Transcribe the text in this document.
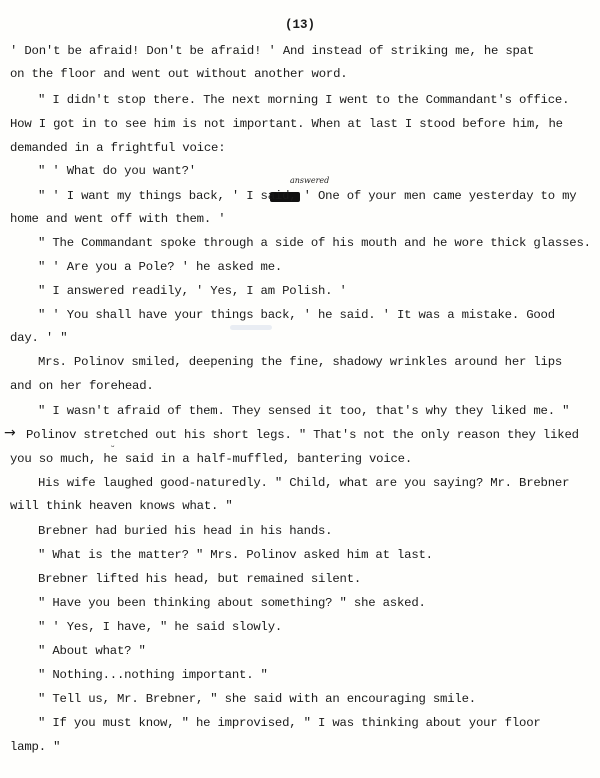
(13)
' Don't be afraid! Don't be afraid! ' And instead of striking me, he spat
on the floor and went out without another word.
" I didn't stop there. The next morning I went to the Commandant's office.
How I got in to see him is not important. When at last I stood before him, he
demanded in a frightful voice:
" ' What do you want?'
answered
" ' I want my things back, ' I said, ' One of your men came yesterday to my
home and went off with them. '
" The Commandant spoke through a side of his mouth and he wore thick glasses.
" ' Are you a Pole? ' he asked me.
" I answered readily, ' Yes, I am Polish. '
" ' You shall have your things back, ' he said. ' It was a mistake. Good
day. ' "
Mrs. Polinov smiled, deepening the fine, shadowy wrinkles around her lips
and on her forehead.
" I wasn't afraid of them. They sensed it too, that's why they liked me. "
→ Polinov stretched out his short legs. " That's not the only reason they liked
ᵕ
you so much, he said in a half-muffled, bantering voice.
His wife laughed good-naturedly. " Child, what are you saying? Mr. Brebner
will think heaven knows what. "
Brebner had buried his head in his hands.
" What is the matter? " Mrs. Polinov asked him at last.
Brebner lifted his head, but remained silent.
" Have you been thinking about something? " she asked.
" ' Yes, I have, " he said slowly.
" About what? "
" Nothing...nothing important. "
" Tell us, Mr. Brebner, " she said with an encouraging smile.
" If you must know, " he improvised, " I was thinking about your floor
lamp. "
